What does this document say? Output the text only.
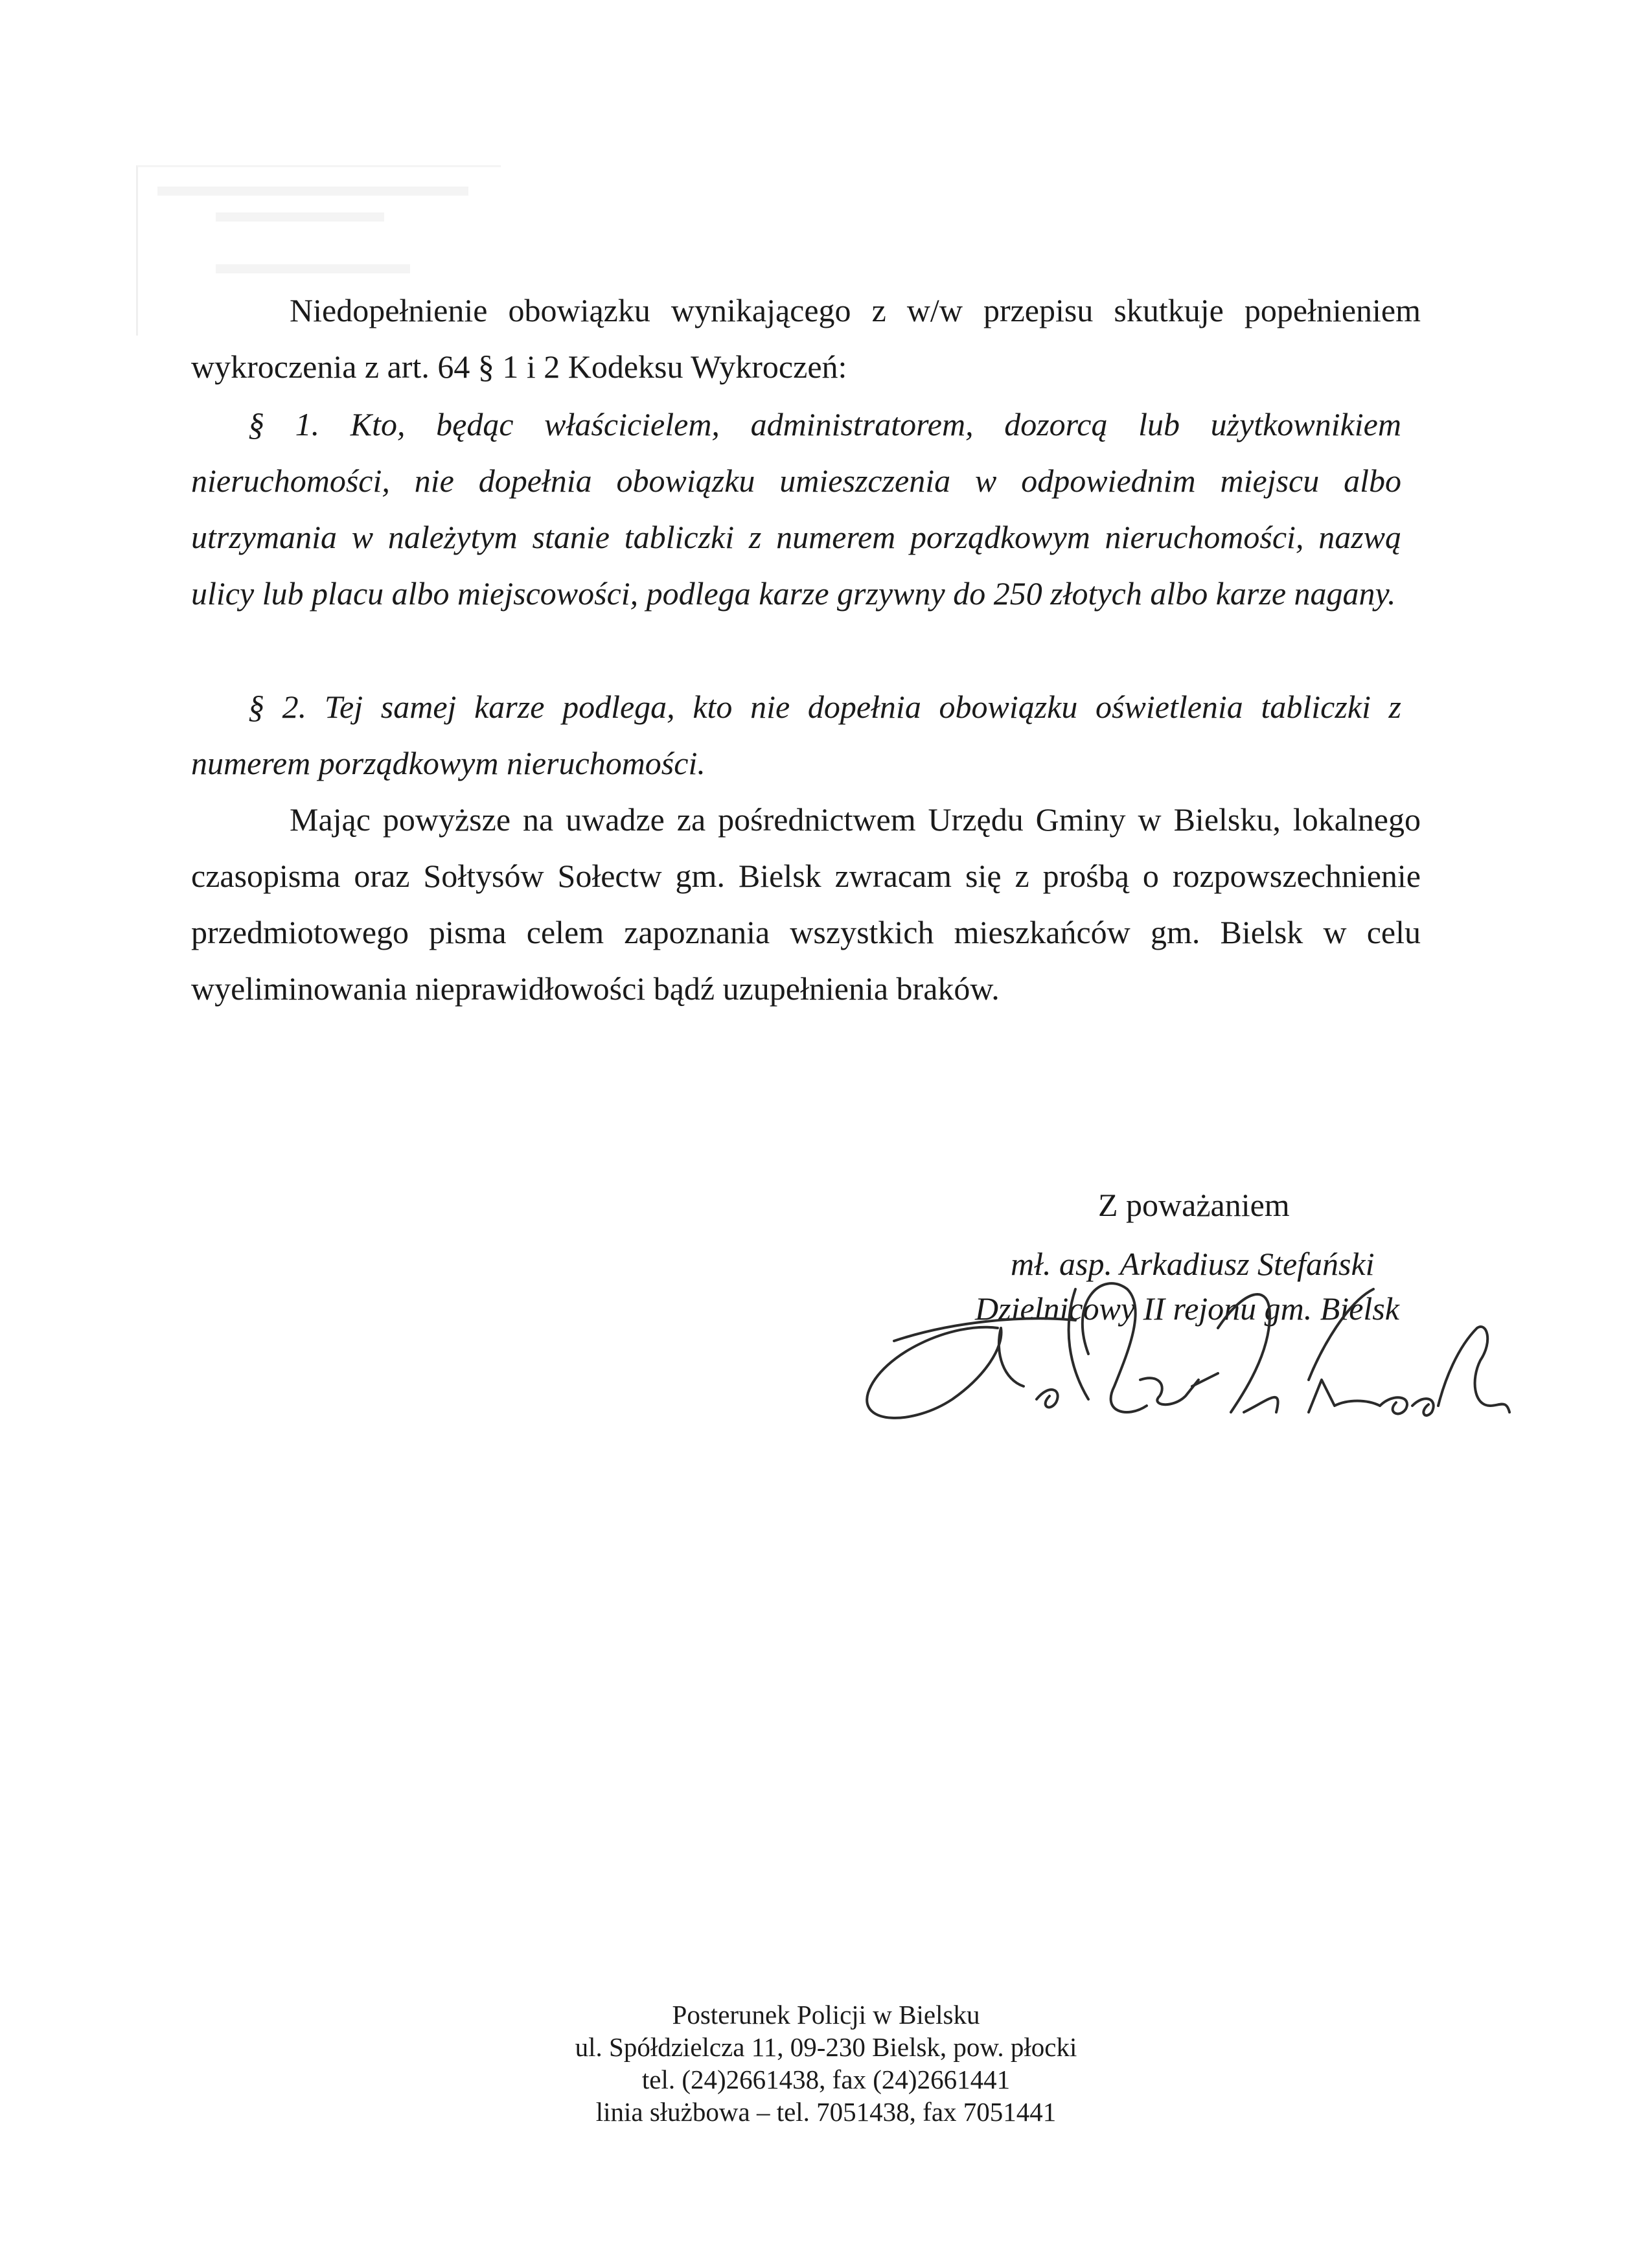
Niedopełnienie obowiązku wynikającego z w/w przepisu skutkuje popełnieniem wykroczenia z art. 64 § 1 i 2 Kodeksu Wykroczeń:
§ 1. Kto, będąc właścicielem, administratorem, dozorcą lub użytkownikiem nieruchomości, nie dopełnia obowiązku umieszczenia w odpowiednim miejscu albo utrzymania w należytym stanie tabliczki z numerem porządkowym nieruchomości, nazwą ulicy lub placu albo miejscowości, podlega karze grzywny do 250 złotych albo karze nagany.
§ 2. Tej samej karze podlega, kto nie dopełnia obowiązku oświetlenia tabliczki z numerem porządkowym nieruchomości.
Mając powyższe na uwadze za pośrednictwem Urzędu Gminy w Bielsku, lokalnego czasopisma oraz Sołtysów Sołectw gm. Bielsk zwracam się z prośbą o rozpowszechnienie przedmiotowego pisma celem zapoznania wszystkich mieszkańców gm. Bielsk w celu wyeliminowania nieprawidłowości bądź uzupełnienia braków.
Z poważaniem
mł. asp. Arkadiusz Stefański
Dzielnicowy II rejonu gm. Bielsk
Posterunek Policji w Bielsku
ul. Spółdzielcza 11, 09-230 Bielsk, pow. płocki
tel. (24)2661438, fax (24)2661441
linia służbowa – tel. 7051438, fax 7051441
